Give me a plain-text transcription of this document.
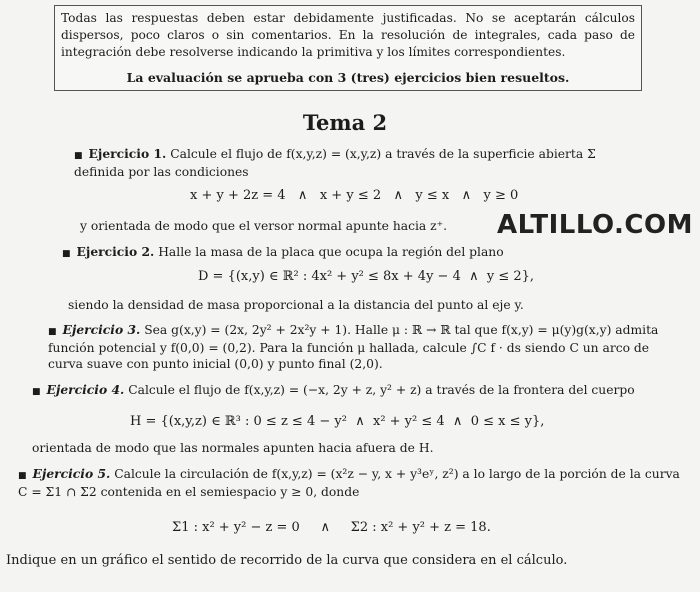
Todas las respuestas deben estar debidamente justificadas. No se aceptarán cálculos dispersos, poco claros o sin comentarios. En la resolución de integrales, cada paso de integración debe resolverse indicando la primitiva y los límites correspondientes.

La evaluación se aprueba con 3 (tres) ejercicios bien resueltos.
Tema 2
ALTILLO.COM
■ Ejercicio 1. Calcule el flujo de f(x,y,z) = (x,y,z) a través de la superficie abierta Σ definida por las condiciones
x + y + 2z = 4   ∧   x + y ≤ 2   ∧   y ≤ x   ∧   y ≥ 0
y orientada de modo que el versor normal apunte hacia z⁺.
■ Ejercicio 2. Halle la masa de la placa que ocupa la región del plano
D = {(x,y) ∈ ℝ² : 4x² + y² ≤ 8x + 4y − 4  ∧  y ≤ 2},
siendo la densidad de masa proporcional a la distancia del punto al eje y.
■ Ejercicio 3. Sea g(x,y) = (2x, 2y² + 2x²y + 1). Halle μ : ℝ → ℝ tal que f(x,y) = μ(y)g(x,y) admita función potencial y f(0,0) = (0,2). Para la función μ hallada, calcule ∫C f · ds siendo C un arco de curva suave con punto inicial (0,0) y punto final (2,0).
■ Ejercicio 4. Calcule el flujo de f(x,y,z) = (−x, 2y + z, y² + z) a través de la frontera del cuerpo
H = {(x,y,z) ∈ ℝ³ : 0 ≤ z ≤ 4 − y²  ∧  x² + y² ≤ 4  ∧  0 ≤ x ≤ y},
orientada de modo que las normales apunten hacia afuera de H.
■ Ejercicio 5. Calcule la circulación de f(x,y,z) = (x²z − y, x + y³eʸ, z²) a lo largo de la porción de la curva C = Σ1 ∩ Σ2 contenida en el semiespacio y ≥ 0, donde
Σ1 : x² + y² − z = 0     ∧     Σ2 : x² + y² + z = 18.
Indique en un gráfico el sentido de recorrido de la curva que considera en el cálculo.
